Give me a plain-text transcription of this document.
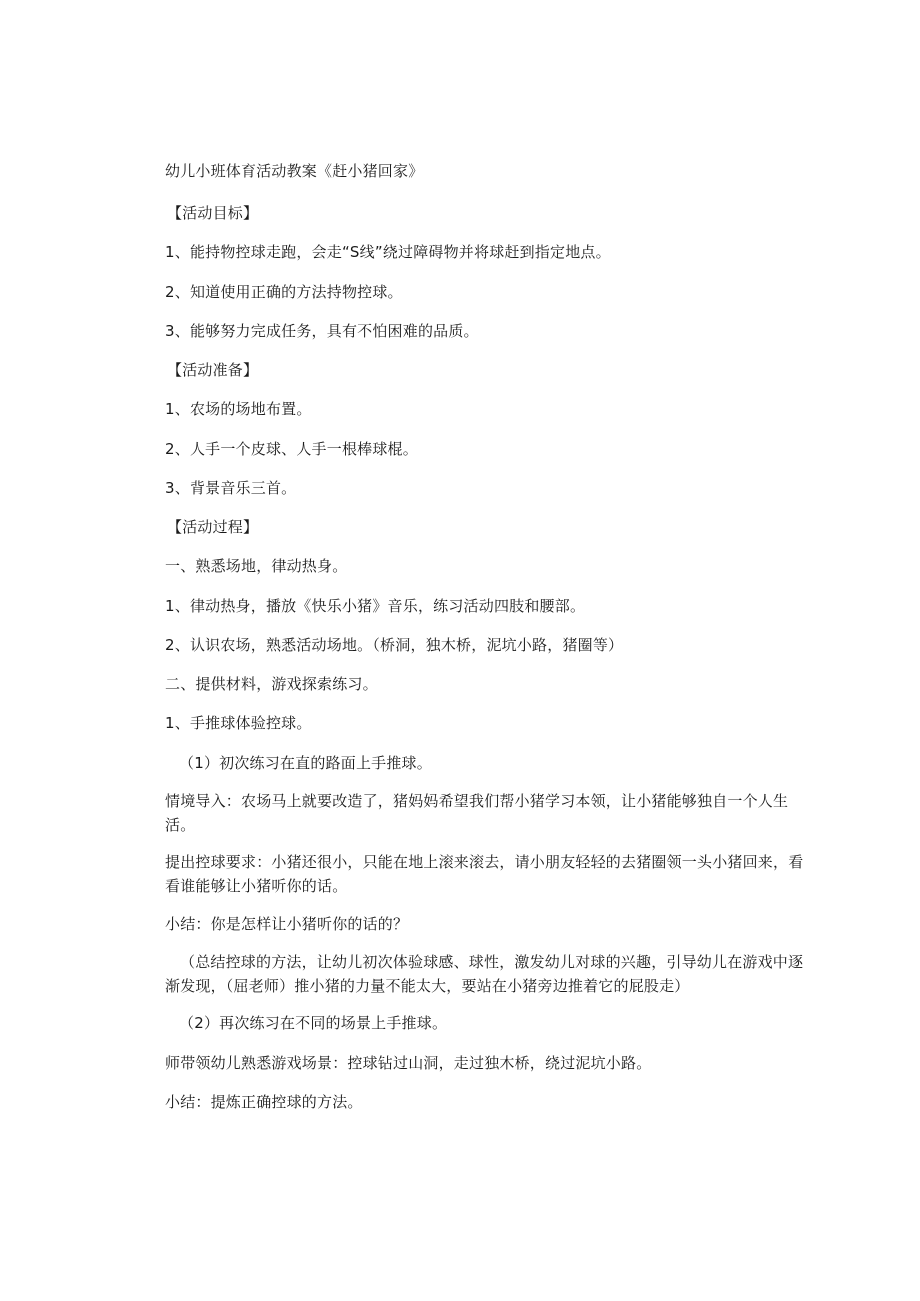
幼儿小班体育活动教案《赶小猪回家》
【活动目标】
1、能持物控球走跑，会走“S线”绕过障碍物并将球赶到指定地点。
2、知道使用正确的方法持物控球。
3、能够努力完成任务，具有不怕困难的品质。
【活动准备】
1、农场的场地布置。
2、人手一个皮球、人手一根棒球棍。
3、背景音乐三首。
【活动过程】
一、熟悉场地，律动热身。
1、律动热身，播放《快乐小猪》音乐，练习活动四肢和腰部。
2、认识农场，熟悉活动场地。（桥洞，独木桥，泥坑小路，猪圈等）
二、提供材料，游戏探索练习。
1、手推球体验控球。
（1）初次练习在直的路面上手推球。
情境导入：农场马上就要改造了，猪妈妈希望我们帮小猪学习本领，让小猪能够独自一个人生活。
提出控球要求：小猪还很小，只能在地上滚来滚去，请小朋友轻轻的去猪圈领一头小猪回来，看看谁能够让小猪听你的话。
小结：你是怎样让小猪听你的话的？
（总结控球的方法，让幼儿初次体验球感、球性，激发幼儿对球的兴趣，引导幼儿在游戏中逐渐发现，（屈老师）推小猪的力量不能太大，要站在小猪旁边推着它的屁股走）
（2）再次练习在不同的场景上手推球。
师带领幼儿熟悉游戏场景：控球钻过山洞，走过独木桥，绕过泥坑小路。
小结：提炼正确控球的方法。
